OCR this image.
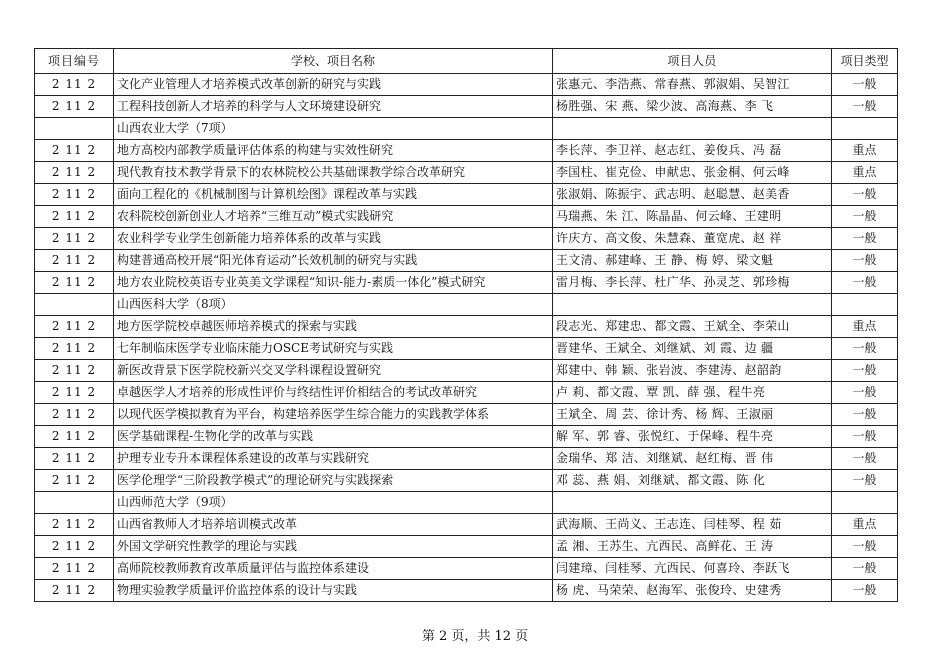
项目编号	学校、项目名称	项目人员	项目类型
2 11 2	文化产业管理人才培养模式改革创新的研究与实践	张惠元、李浩燕、常春燕、郭淑娟、吴智江	一般
2 11 2	工程科技创新人才培养的科学与人文环境建设研究	杨胜强、宋 燕、梁少波、高海燕、李 飞	一般
	山西农业大学（7项）		
2 11 2	地方高校内部教学质量评估体系的构建与实效性研究	李长萍、李卫祥、赵志红、姜俊兵、冯 磊	重点
2 11 2	现代教育技术教学背景下的农林院校公共基础课教学综合改革研究	李国柱、崔克俭、申献忠、张金桐、何云峰	重点
2 11 2	面向工程化的《机械制图与计算机绘图》课程改革与实践	张淑娟、陈振宇、武志明、赵聪慧、赵美香	一般
2 11 2	农科院校创新创业人才培养“三维互动”模式实践研究	马瑞燕、朱 江、陈晶晶、何云峰、王建明	一般
2 11 2	农业科学专业学生创新能力培养体系的改革与实践	许庆方、高文俊、朱慧森、董宽虎、赵 祥	一般
2 11 2	构建普通高校开展“阳光体育运动”长效机制的研究与实践	王文清、郝建峰、王 静、梅 婷、梁文魁	一般
2 11 2	地方农业院校英语专业英美文学课程“知识-能力-素质一体化”模式研究	雷月梅、李长萍、杜广华、孙灵芝、郭珍梅	一般
	山西医科大学（8项）		
2 11 2	地方医学院校卓越医师培养模式的探索与实践	段志光、郑建忠、都文霞、王斌全、李荣山	重点
2 11 2	七年制临床医学专业临床能力OSCE考试研究与实践	晋建华、王斌全、刘继斌、刘 霞、边 疆	一般
2 11 2	新医改背景下医学院校新兴交叉学科课程设置研究	郑建中、韩 颖、张岩波、李建涛、赵韶韵	一般
2 11 2	卓越医学人才培养的形成性评价与终结性评价相结合的考试改革研究	卢 莉、都文霞、覃 凯、薛 强、程牛亮	一般
2 11 2	以现代医学模拟教育为平台，构建培养医学生综合能力的实践教学体系	王斌全、周 芸、徐计秀、杨 辉、王淑丽	一般
2 11 2	医学基础课程-生物化学的改革与实践	解 军、郭 睿、张悦红、于保峰、程牛亮	一般
2 11 2	护理专业专升本课程体系建设的改革与实践研究	金瑞华、郑 洁、刘继斌、赵红梅、晋 伟	一般
2 11 2	医学伦理学“三阶段教学模式”的理论研究与实践探索	邓 蕊、燕 娟、刘继斌、都文霞、陈 化	一般
	山西师范大学（9项）		
2 11 2	山西省教师人才培养培训模式改革	武海顺、王尚义、王志连、闫桂琴、程 茹	重点
2 11 2	外国文学研究性教学的理论与实践	孟 湘、王苏生、亢西民、高鲜花、王 涛	一般
2 11 2	高师院校教师教育改革质量评估与监控体系建设	闫建璋、闫桂琴、亢西民、何喜玲、李跃飞	一般
2 11 2	物理实验教学质量评价监控体系的设计与实践	杨 虎、马荣荣、赵海军、张俊玲、史建秀	一般
第 2 页，共 12 页
